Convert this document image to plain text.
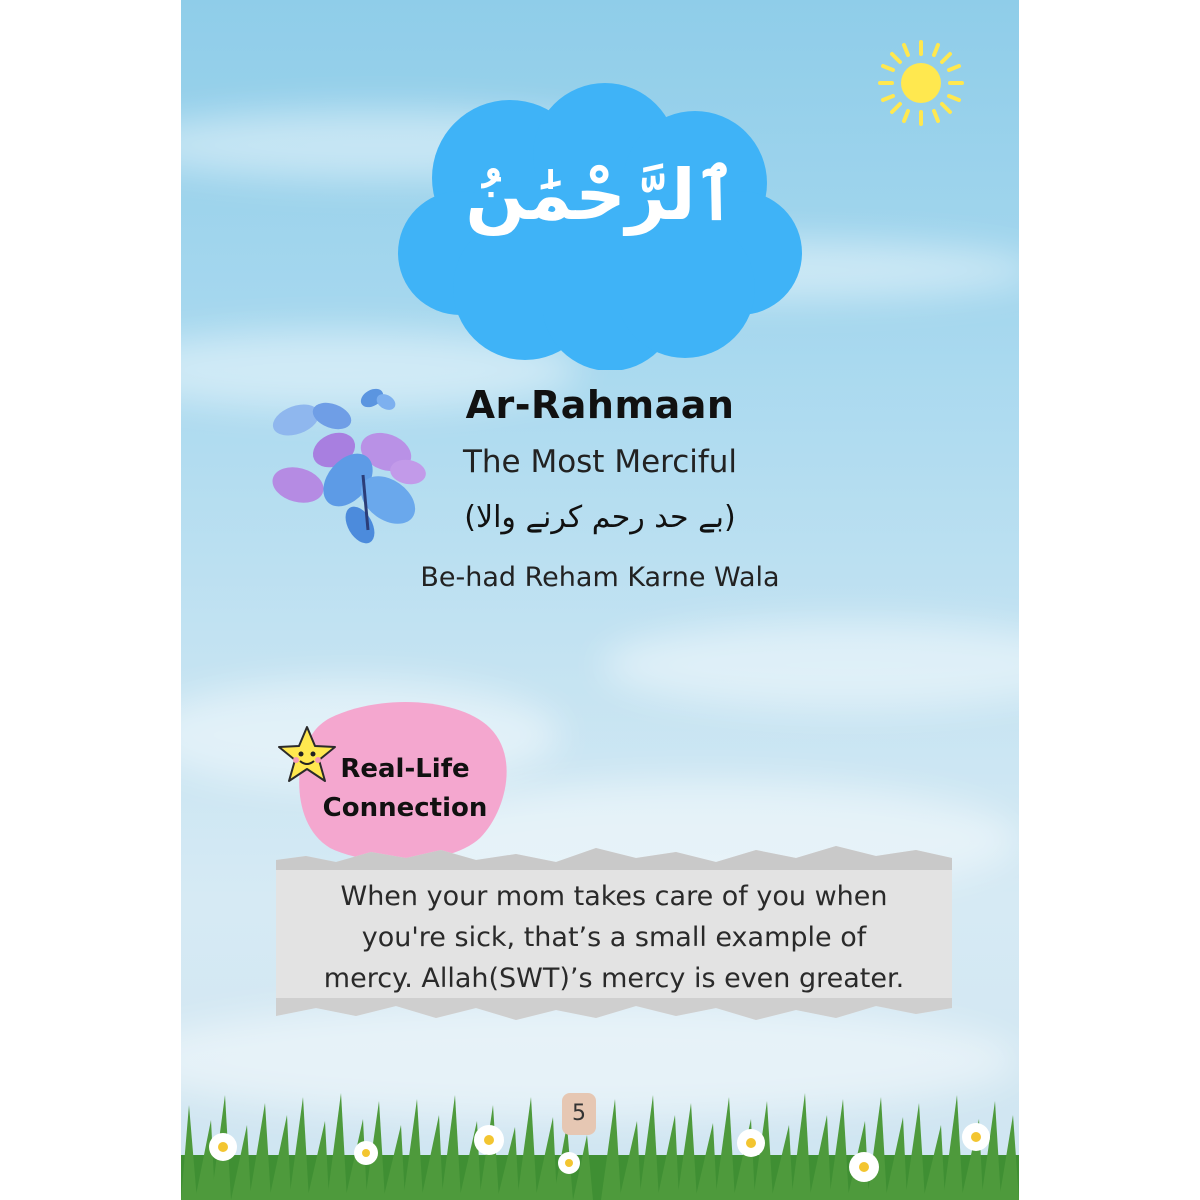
ٱلرَّحْمَٰنُ
Ar-Rahmaan
The Most Merciful
(بے حد رحم کرنے والا)
Be-had Reham Karne Wala
Real-Life
Connection
When your mom takes care of you when
you're sick, that’s a small example of
mercy. Allah(SWT)’s mercy is even greater.
5
